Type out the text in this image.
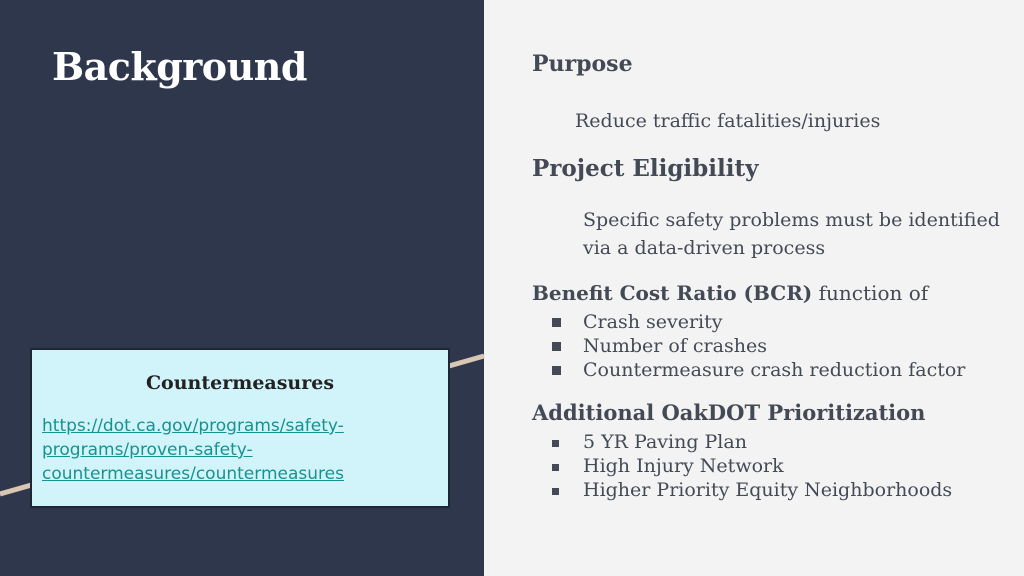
Background
Countermeasures
https://dot.ca.gov/programs/safety-programs/proven-safety-countermeasures/countermeasures
Purpose
Reduce traffic fatalities/injuries
Project Eligibility
Specific safety problems must be identified via a data-driven process
Benefit Cost Ratio (BCR) function of
Crash severity
Number of crashes
Countermeasure crash reduction factor
Additional OakDOT Prioritization
5 YR Paving Plan
High Injury Network
Higher Priority Equity Neighborhoods
